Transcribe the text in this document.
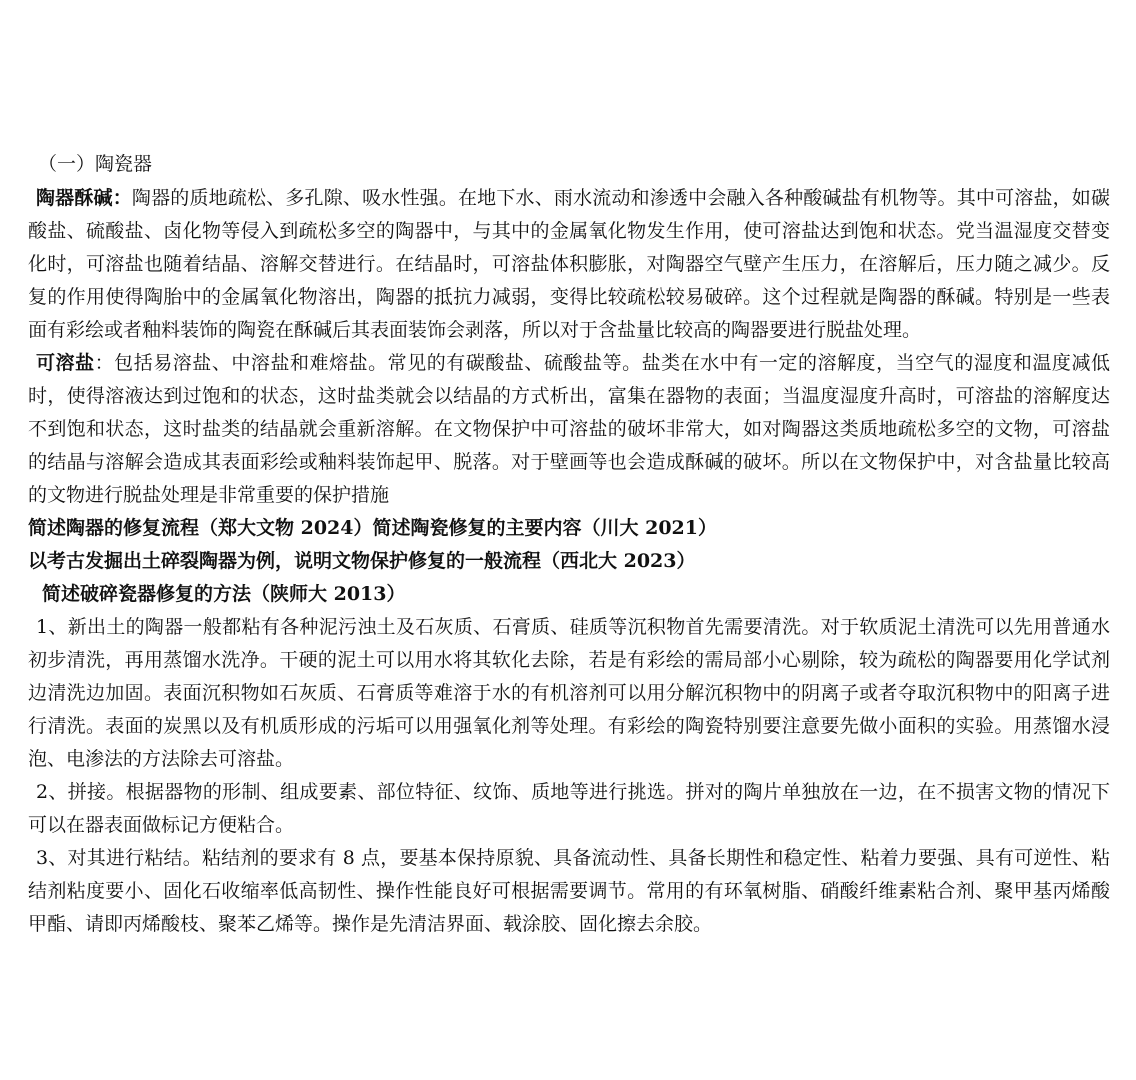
（一）陶瓷器

陶器酥碱：陶器的质地疏松、多孔隙、吸水性强。在地下水、雨水流动和渗透中会融入各种酸碱盐有机物等。其中可溶盐，如碳酸盐、硫酸盐、卤化物等侵入到疏松多空的陶器中，与其中的金属氧化物发生作用，使可溶盐达到饱和状态。党当温湿度交替变化时，可溶盐也随着结晶、溶解交替进行。在结晶时，可溶盐体积膨胀，对陶器空气壁产生压力，在溶解后，压力随之减少。反复的作用使得陶胎中的金属氧化物溶出，陶器的抵抗力减弱，变得比较疏松较易破碎。这个过程就是陶器的酥碱。特别是一些表面有彩绘或者釉料装饰的陶瓷在酥碱后其表面装饰会剥落，所以对于含盐量比较高的陶器要进行脱盐处理。

可溶盐：包括易溶盐、中溶盐和难熔盐。常见的有碳酸盐、硫酸盐等。盐类在水中有一定的溶解度，当空气的湿度和温度减低时，使得溶液达到过饱和的状态，这时盐类就会以结晶的方式析出，富集在器物的表面；当温度湿度升高时，可溶盐的溶解度达不到饱和状态，这时盐类的结晶就会重新溶解。在文物保护中可溶盐的破坏非常大，如对陶器这类质地疏松多空的文物，可溶盐的结晶与溶解会造成其表面彩绘或釉料装饰起甲、脱落。对于壁画等也会造成酥碱的破坏。所以在文物保护中，对含盐量比较高的文物进行脱盐处理是非常重要的保护措施

简述陶器的修复流程（郑大文物 2024）简述陶瓷修复的主要内容（川大 2021）

以考古发掘出土碎裂陶器为例，说明文物保护修复的一般流程（西北大 2023）

简述破碎瓷器修复的方法（陕师大 2013）

1、新出土的陶器一般都粘有各种泥污浊土及石灰质、石膏质、硅质等沉积物首先需要清洗。对于软质泥土清洗可以先用普通水初步清洗，再用蒸馏水洗净。干硬的泥土可以用水将其软化去除，若是有彩绘的需局部小心剔除，较为疏松的陶器要用化学试剂边清洗边加固。表面沉积物如石灰质、石膏质等难溶于水的有机溶剂可以用分解沉积物中的阴离子或者夺取沉积物中的阳离子进行清洗。表面的炭黑以及有机质形成的污垢可以用强氧化剂等处理。有彩绘的陶瓷特别要注意要先做小面积的实验。用蒸馏水浸泡、电渗法的方法除去可溶盐。

2、拼接。根据器物的形制、组成要素、部位特征、纹饰、质地等进行挑选。拼对的陶片单独放在一边，在不损害文物的情况下可以在器表面做标记方便粘合。

3、对其进行粘结。粘结剂的要求有 8 点，要基本保持原貌、具备流动性、具备长期性和稳定性、粘着力要强、具有可逆性、粘结剂粘度要小、固化石收缩率低高韧性、操作性能良好可根据需要调节。常用的有环氧树脂、硝酸纤维素粘合剂、聚甲基丙烯酸甲酯、请即丙烯酸枝、聚苯乙烯等。操作是先清洁界面、载涂胶、固化擦去余胶。
